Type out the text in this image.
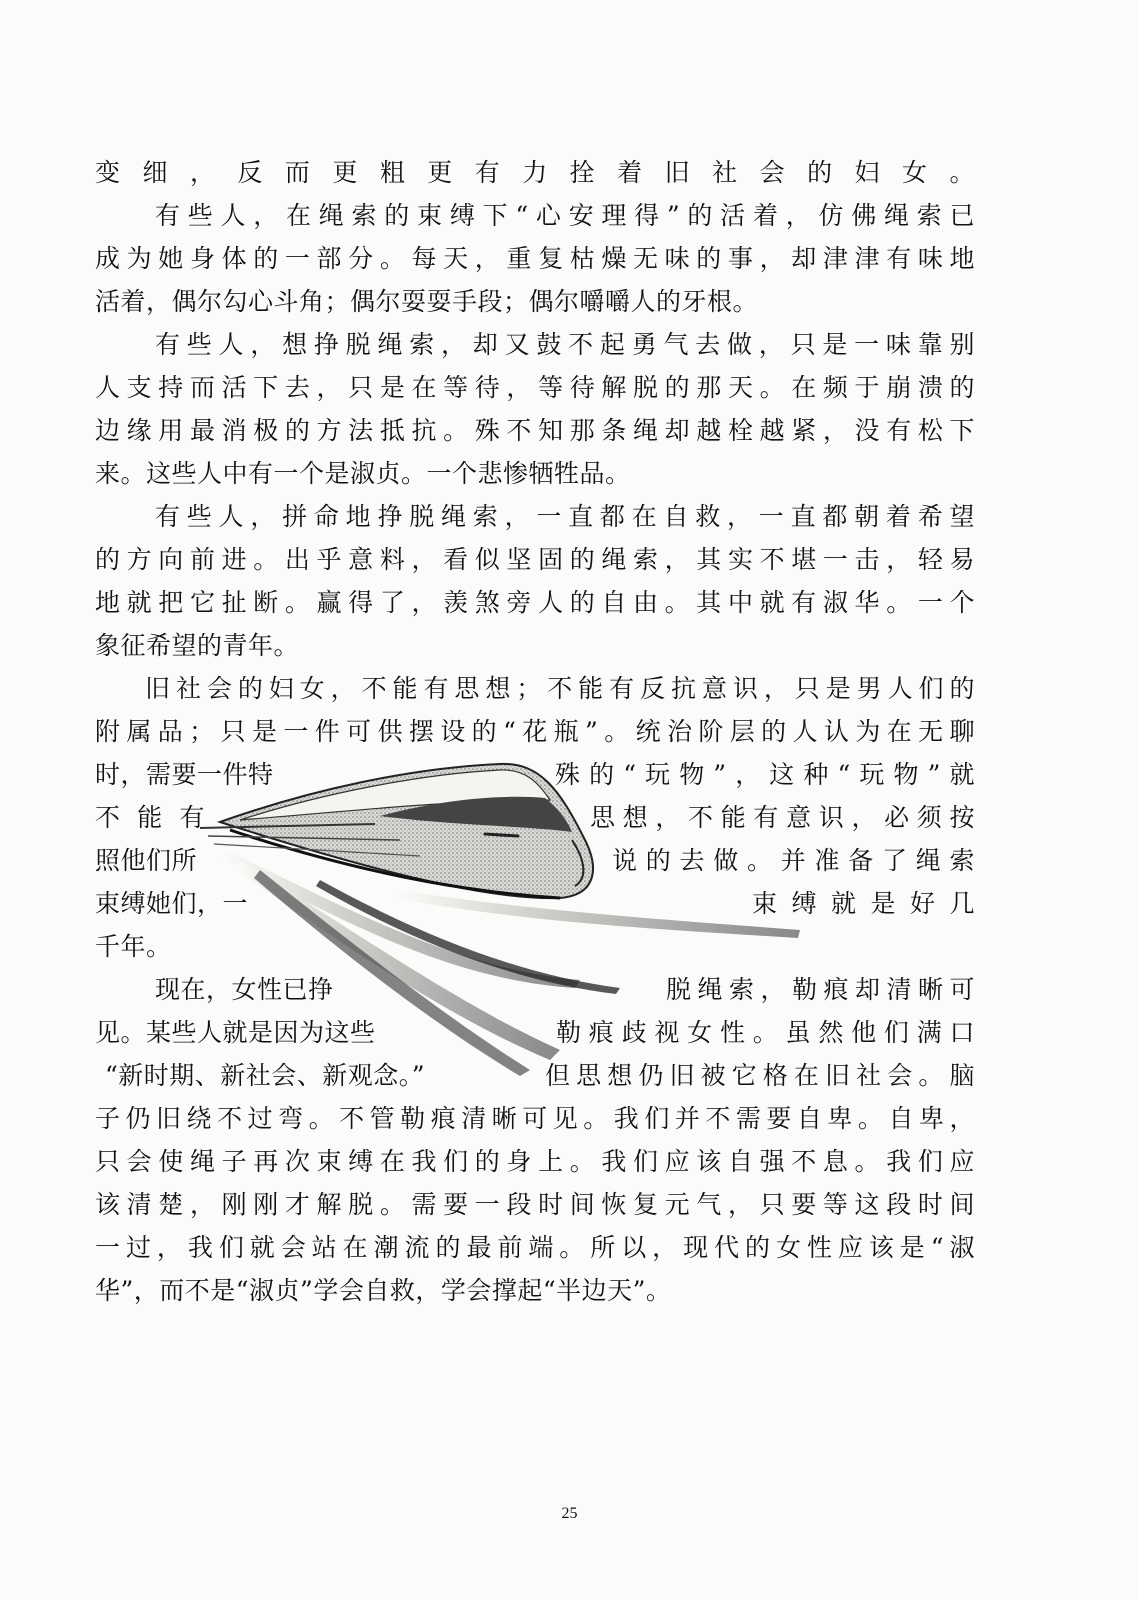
变细，反而更粗更有力拴着旧社会的妇女。
有些人，在绳索的束缚下“心安理得”的活着，仿佛绳索已
成为她身体的一部分。每天，重复枯燥无味的事，却津津有味地
活着，偶尔勾心斗角；偶尔耍耍手段；偶尔嚼嚼人的牙根。
有些人，想挣脱绳索，却又鼓不起勇气去做，只是一味靠别
人支持而活下去，只是在等待，等待解脱的那天。在频于崩溃的
边缘用最消极的方法抵抗。殊不知那条绳却越栓越紧，没有松下
来。这些人中有一个是淑贞。一个悲惨牺牲品。
有些人，拼命地挣脱绳索，一直都在自救，一直都朝着希望
的方向前进。出乎意料，看似坚固的绳索，其实不堪一击，轻易
地就把它扯断。赢得了，羡煞旁人的自由。其中就有淑华。一个
象征希望的青年。
旧社会的妇女，不能有思想；不能有反抗意识，只是男人们的
附属品；只是一件可供摆设的“花瓶”。统治阶层的人认为在无聊
时，需要一件特	殊的“玩物”，这种“玩物”就
不能有	思想，不能有意识，必须按
照他们所	说的去做。并准备了绳索
束缚她们，一	束缚就是好几
千年。
现在，女性已挣	脱绳索，勒痕却清晰可
见。某些人就是因为这些	勒痕歧视女性。虽然他们满口
“新时期、新社会、新观念。”	但思想仍旧被它格在旧社会。脑
子仍旧绕不过弯。不管勒痕清晰可见。我们并不需要自卑。自卑，
只会使绳子再次束缚在我们的身上。我们应该自强不息。我们应
该清楚，刚刚才解脱。需要一段时间恢复元气，只要等这段时间
一过，我们就会站在潮流的最前端。所以，现代的女性应该是“淑
华”，而不是“淑贞”学会自救，学会撑起“半边天”。
25
